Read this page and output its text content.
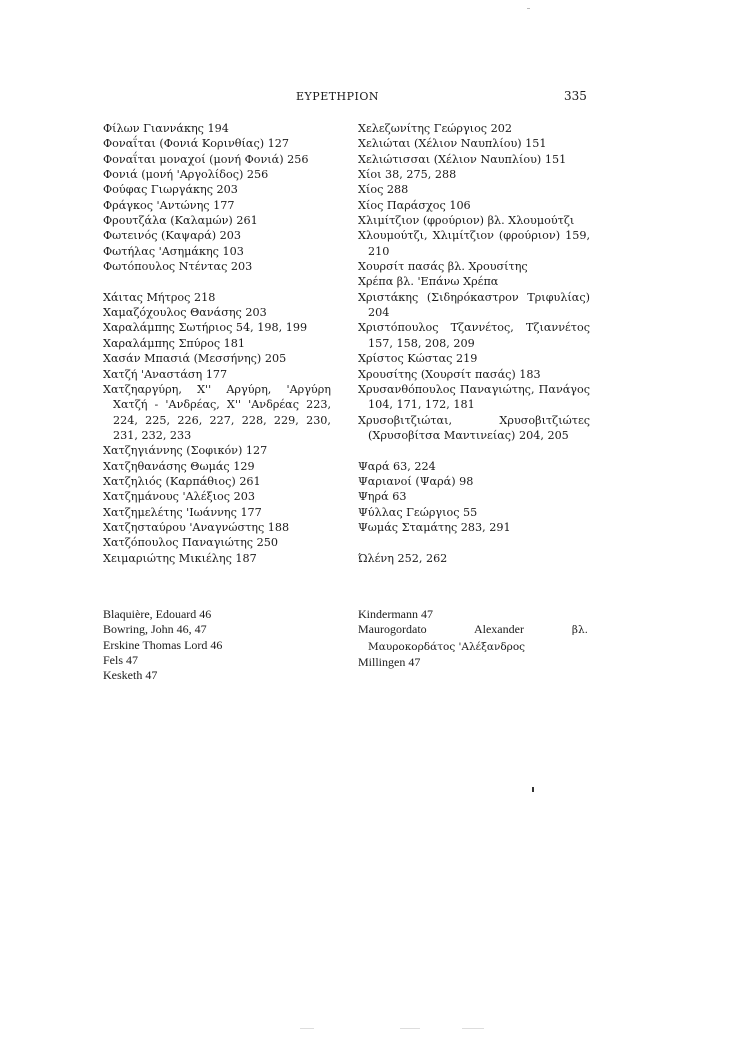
ΕΥΡΕΤΗΡΙΟΝ	335

Φίλων Γιαννάκης 194

Φοναΐται (Φονιά Κορινθίας) 127

Φοναΐται μοναχοί (μονή Φονιά) 256

Φονιά (μονή 'Αργολίδος) 256

Φούφας Γιωργάκης 203

Φράγκος 'Αντώνης 177

Φρουτζάλα (Καλαμών) 261

Φωτεινός (Καψαρά) 203

Φωτήλας 'Ασημάκης 103

Φωτόπουλος Ντέντας 203

Χάιτας Μήτρος 218

Χαμαζόχουλος Θανάσης 203

Χαραλάμπης Σωτήριος 54, 198, 199

Χαραλάμπης Σπύρος 181

Χασάν Μπασιά (Μεσσήνης) 205

Χατζή 'Αναστάση 177

Χατζηαργύρη, Χ'' Αργύρη, 'Αργύρη Χατζή - 'Ανδρέας, Χ'' 'Ανδρέας 223, 224, 225, 226, 227, 228, 229, 230, 231, 232, 233

Χατζηγιάννης (Σοφικόν) 127

Χατζηθανάσης Θωμάς 129

Χατζηλιός (Καρπάθιος) 261

Χατζημάνους 'Αλέξιος 203

Χατζημελέτης 'Ιωάννης 177

Χατζησταύρου 'Αναγνώστης 188

Χατζόπουλος Παναγιώτης 250

Χειμαριώτης Μικιέλης 187

Χελεζωνίτης Γεώργιος 202

Χελιώται (Χέλιον Ναυπλίου) 151

Χελιώτισσαι (Χέλιον Ναυπλίου) 151

Χίοι 38, 275, 288

Χίος 288

Χίος Παράσχος 106

Χλιμίτζιον (φρούριον) βλ. Χλουμούτζι

Χλουμούτζι, Χλιμίτζιον (φρούριον) 159, 210

Χουρσίτ πασάς βλ. Χρουσίτης

Χρέπα βλ. 'Επάνω Χρέπα

Χριστάκης (Σιδηρόκαστρον Τριφυλίας) 204

Χριστόπουλος Τζαννέτος, Τζιαννέτος 157, 158, 208, 209

Χρίστος Κώστας 219

Χρουσίτης (Χουρσίτ πασάς) 183

Χρυσανθόπουλος Παναγιώτης, Πανάγος 104, 171, 172, 181

Χρυσοβιτζιώται, Χρυσοβιτζιώτες (Χρυσοβίτσα Μαντινείας) 204, 205

Ψαρά 63, 224

Ψαριανοί (Ψαρά) 98

Ψηρά 63

Ψύλλας Γεώργιος 55

Ψωμάς Σταμάτης 283, 291

Ώλένη 252, 262

Blaquière, Edouard 46

Bowring, John 46, 47

Erskine Thomas Lord 46

Fels 47

Kesketh 47

Kindermann 47

Maurogordato Alexander	βλ. Μαυροκορδάτος 'Αλέξανδρος

Millingen 47
